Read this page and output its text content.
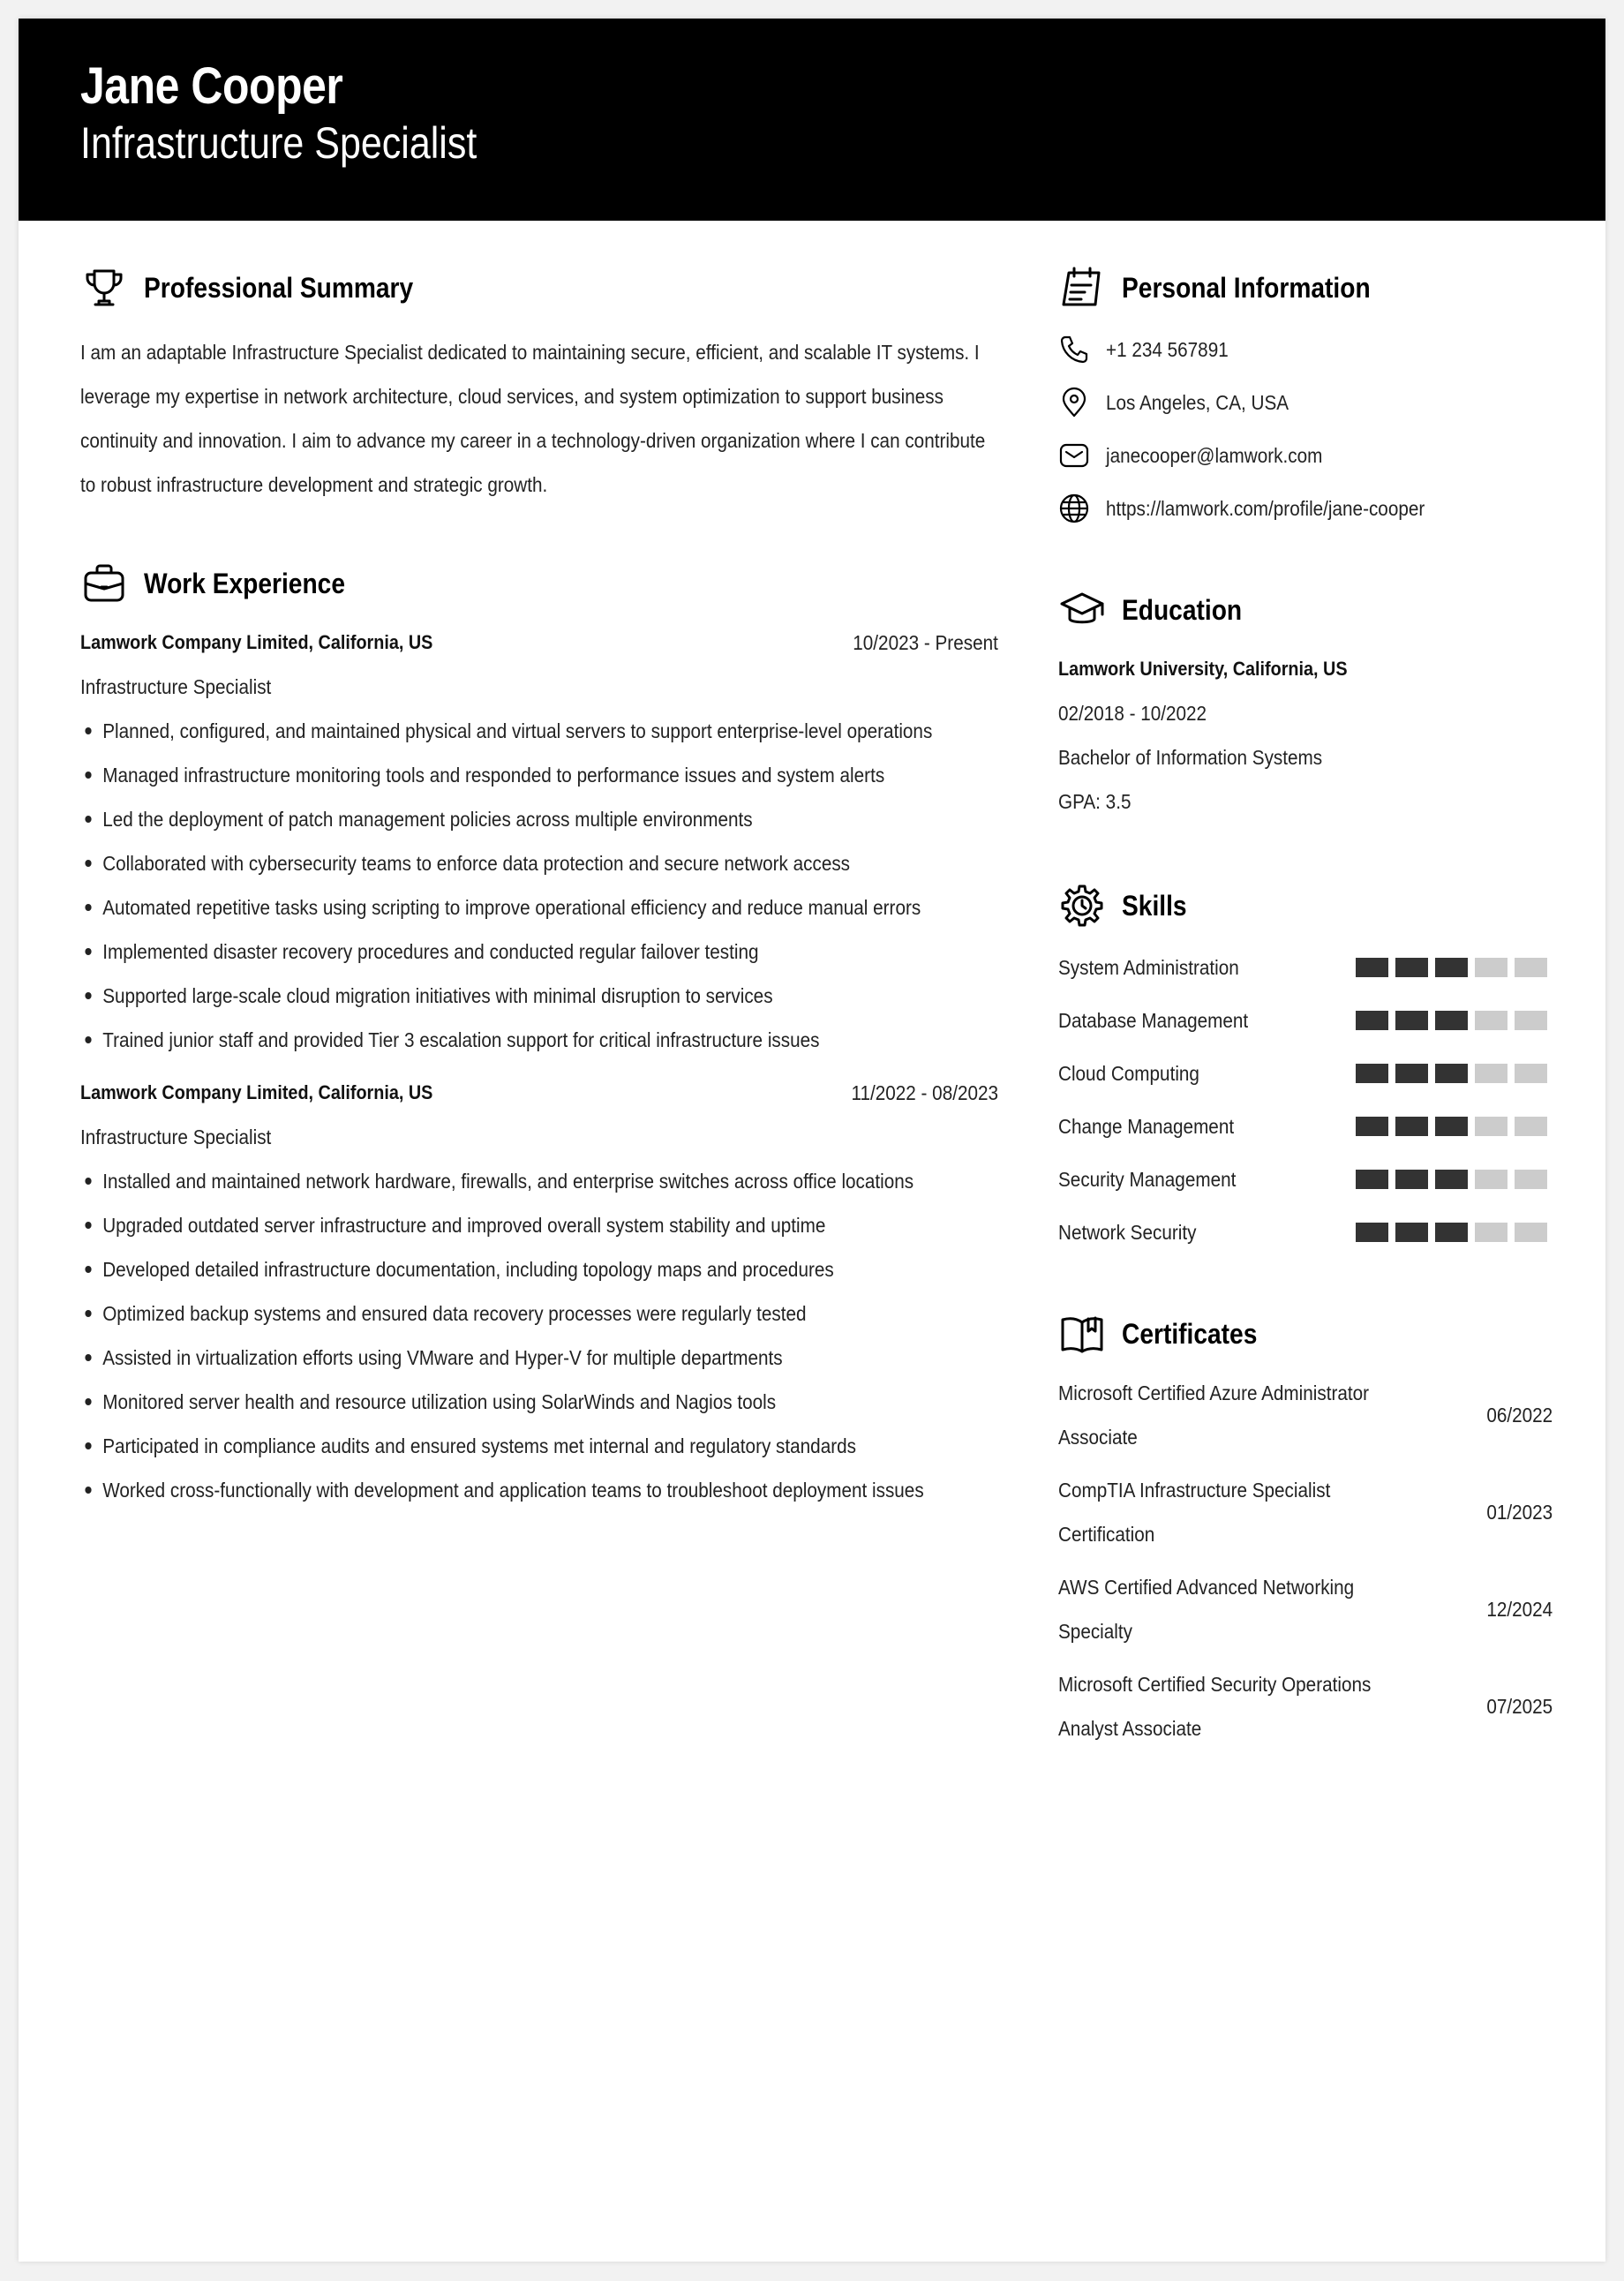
Jane Cooper
Infrastructure Specialist
Professional Summary
I am an adaptable Infrastructure Specialist dedicated to maintaining secure, efficient, and scalable IT systems. I leverage my expertise in network architecture, cloud services, and system optimization to support business continuity and innovation. I aim to advance my career in a technology-driven organization where I can contribute to robust infrastructure development and strategic growth.
Work Experience
Lamwork Company Limited, California, US	10/2023 - Present
Infrastructure Specialist
Planned, configured, and maintained physical and virtual servers to support enterprise-level operations
Managed infrastructure monitoring tools and responded to performance issues and system alerts
Led the deployment of patch management policies across multiple environments
Collaborated with cybersecurity teams to enforce data protection and secure network access
Automated repetitive tasks using scripting to improve operational efficiency and reduce manual errors
Implemented disaster recovery procedures and conducted regular failover testing
Supported large-scale cloud migration initiatives with minimal disruption to services
Trained junior staff and provided Tier 3 escalation support for critical infrastructure issues
Lamwork Company Limited, California, US	11/2022 - 08/2023
Infrastructure Specialist
Installed and maintained network hardware, firewalls, and enterprise switches across office locations
Upgraded outdated server infrastructure and improved overall system stability and uptime
Developed detailed infrastructure documentation, including topology maps and procedures
Optimized backup systems and ensured data recovery processes were regularly tested
Assisted in virtualization efforts using VMware and Hyper-V for multiple departments
Monitored server health and resource utilization using SolarWinds and Nagios tools
Participated in compliance audits and ensured systems met internal and regulatory standards
Worked cross-functionally with development and application teams to troubleshoot deployment issues
Personal Information
+1 234 567891
Los Angeles, CA, USA
janecooper@lamwork.com
https://lamwork.com/profile/jane-cooper
Education
Lamwork University, California, US
02/2018 - 10/2022
Bachelor of Information Systems
GPA: 3.5
Skills
System Administration
Database Management
Cloud Computing
Change Management
Security Management
Network Security
Certificates
Microsoft Certified Azure Administrator Associate
06/2022
CompTIA Infrastructure Specialist Certification
01/2023
AWS Certified Advanced Networking Specialty
12/2024
Microsoft Certified Security Operations Analyst Associate
07/2025
